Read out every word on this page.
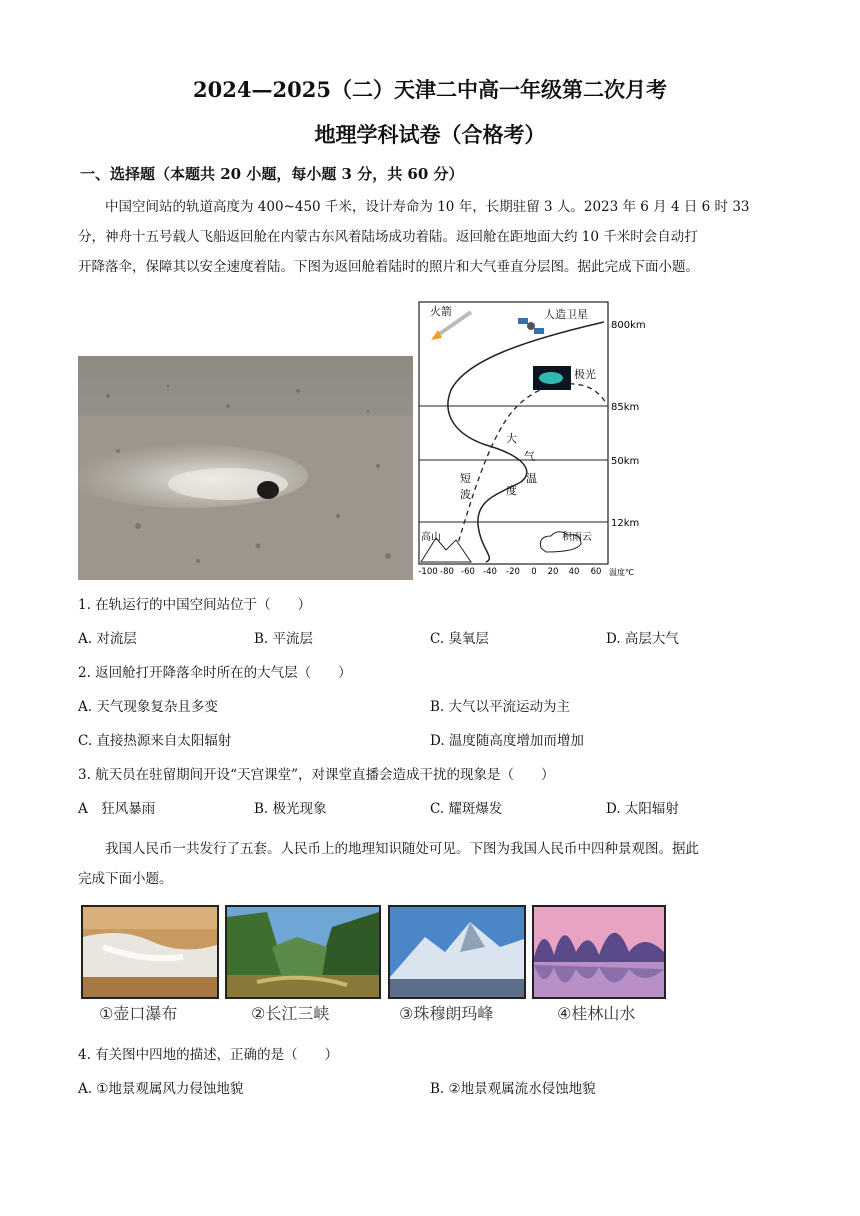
2024—2025（二）天津二中高一年级第二次月考
地理学科试卷（合格考）
一、选择题（本题共 20 小题，每小题 3 分，共 60 分）
中国空间站的轨道高度为 400~450 千米，设计寿命为 10 年，长期驻留 3 人。2023 年 6 月 4 日 6 时 33
分，神舟十五号载人飞船返回舱在内蒙古东风着陆场成功着陆。返回舱在距地面大约 10 千米时会自动打
开降落伞，保障其以安全速度着陆。下图为返回舱着陆时的照片和大气垂直分层图。据此完成下面小题。
火箭	人造卫星
极光
800km
85km
50km
12km
大
气
温
度
短
波
高山	积雨云
-100 -80 -60 -40 -20 0 20 40 60 温度℃
1. 在轨运行的中国空间站位于（　　）
A. 对流层	B. 平流层	C. 臭氧层	D. 高层大气
2. 返回舱打开降落伞时所在的大气层（　　）
A. 天气现象复杂且多变	B. 大气以平流运动为主
C. 直接热源来自太阳辐射	D. 温度随高度增加而增加
3. 航天员在驻留期间开设“天宫课堂”，对课堂直播会造成干扰的现象是（　　）
A　狂风暴雨	B. 极光现象	C. 耀斑爆发	D. 太阳辐射
我国人民币一共发行了五套。人民币上的地理知识随处可见。下图为我国人民币中四种景观图。据此
完成下面小题。
①壶口瀑布	②长江三峡	③珠穆朗玛峰	④桂林山水
4. 有关图中四地的描述，正确的是（　　）
A. ①地景观属风力侵蚀地貌	B. ②地景观属流水侵蚀地貌
